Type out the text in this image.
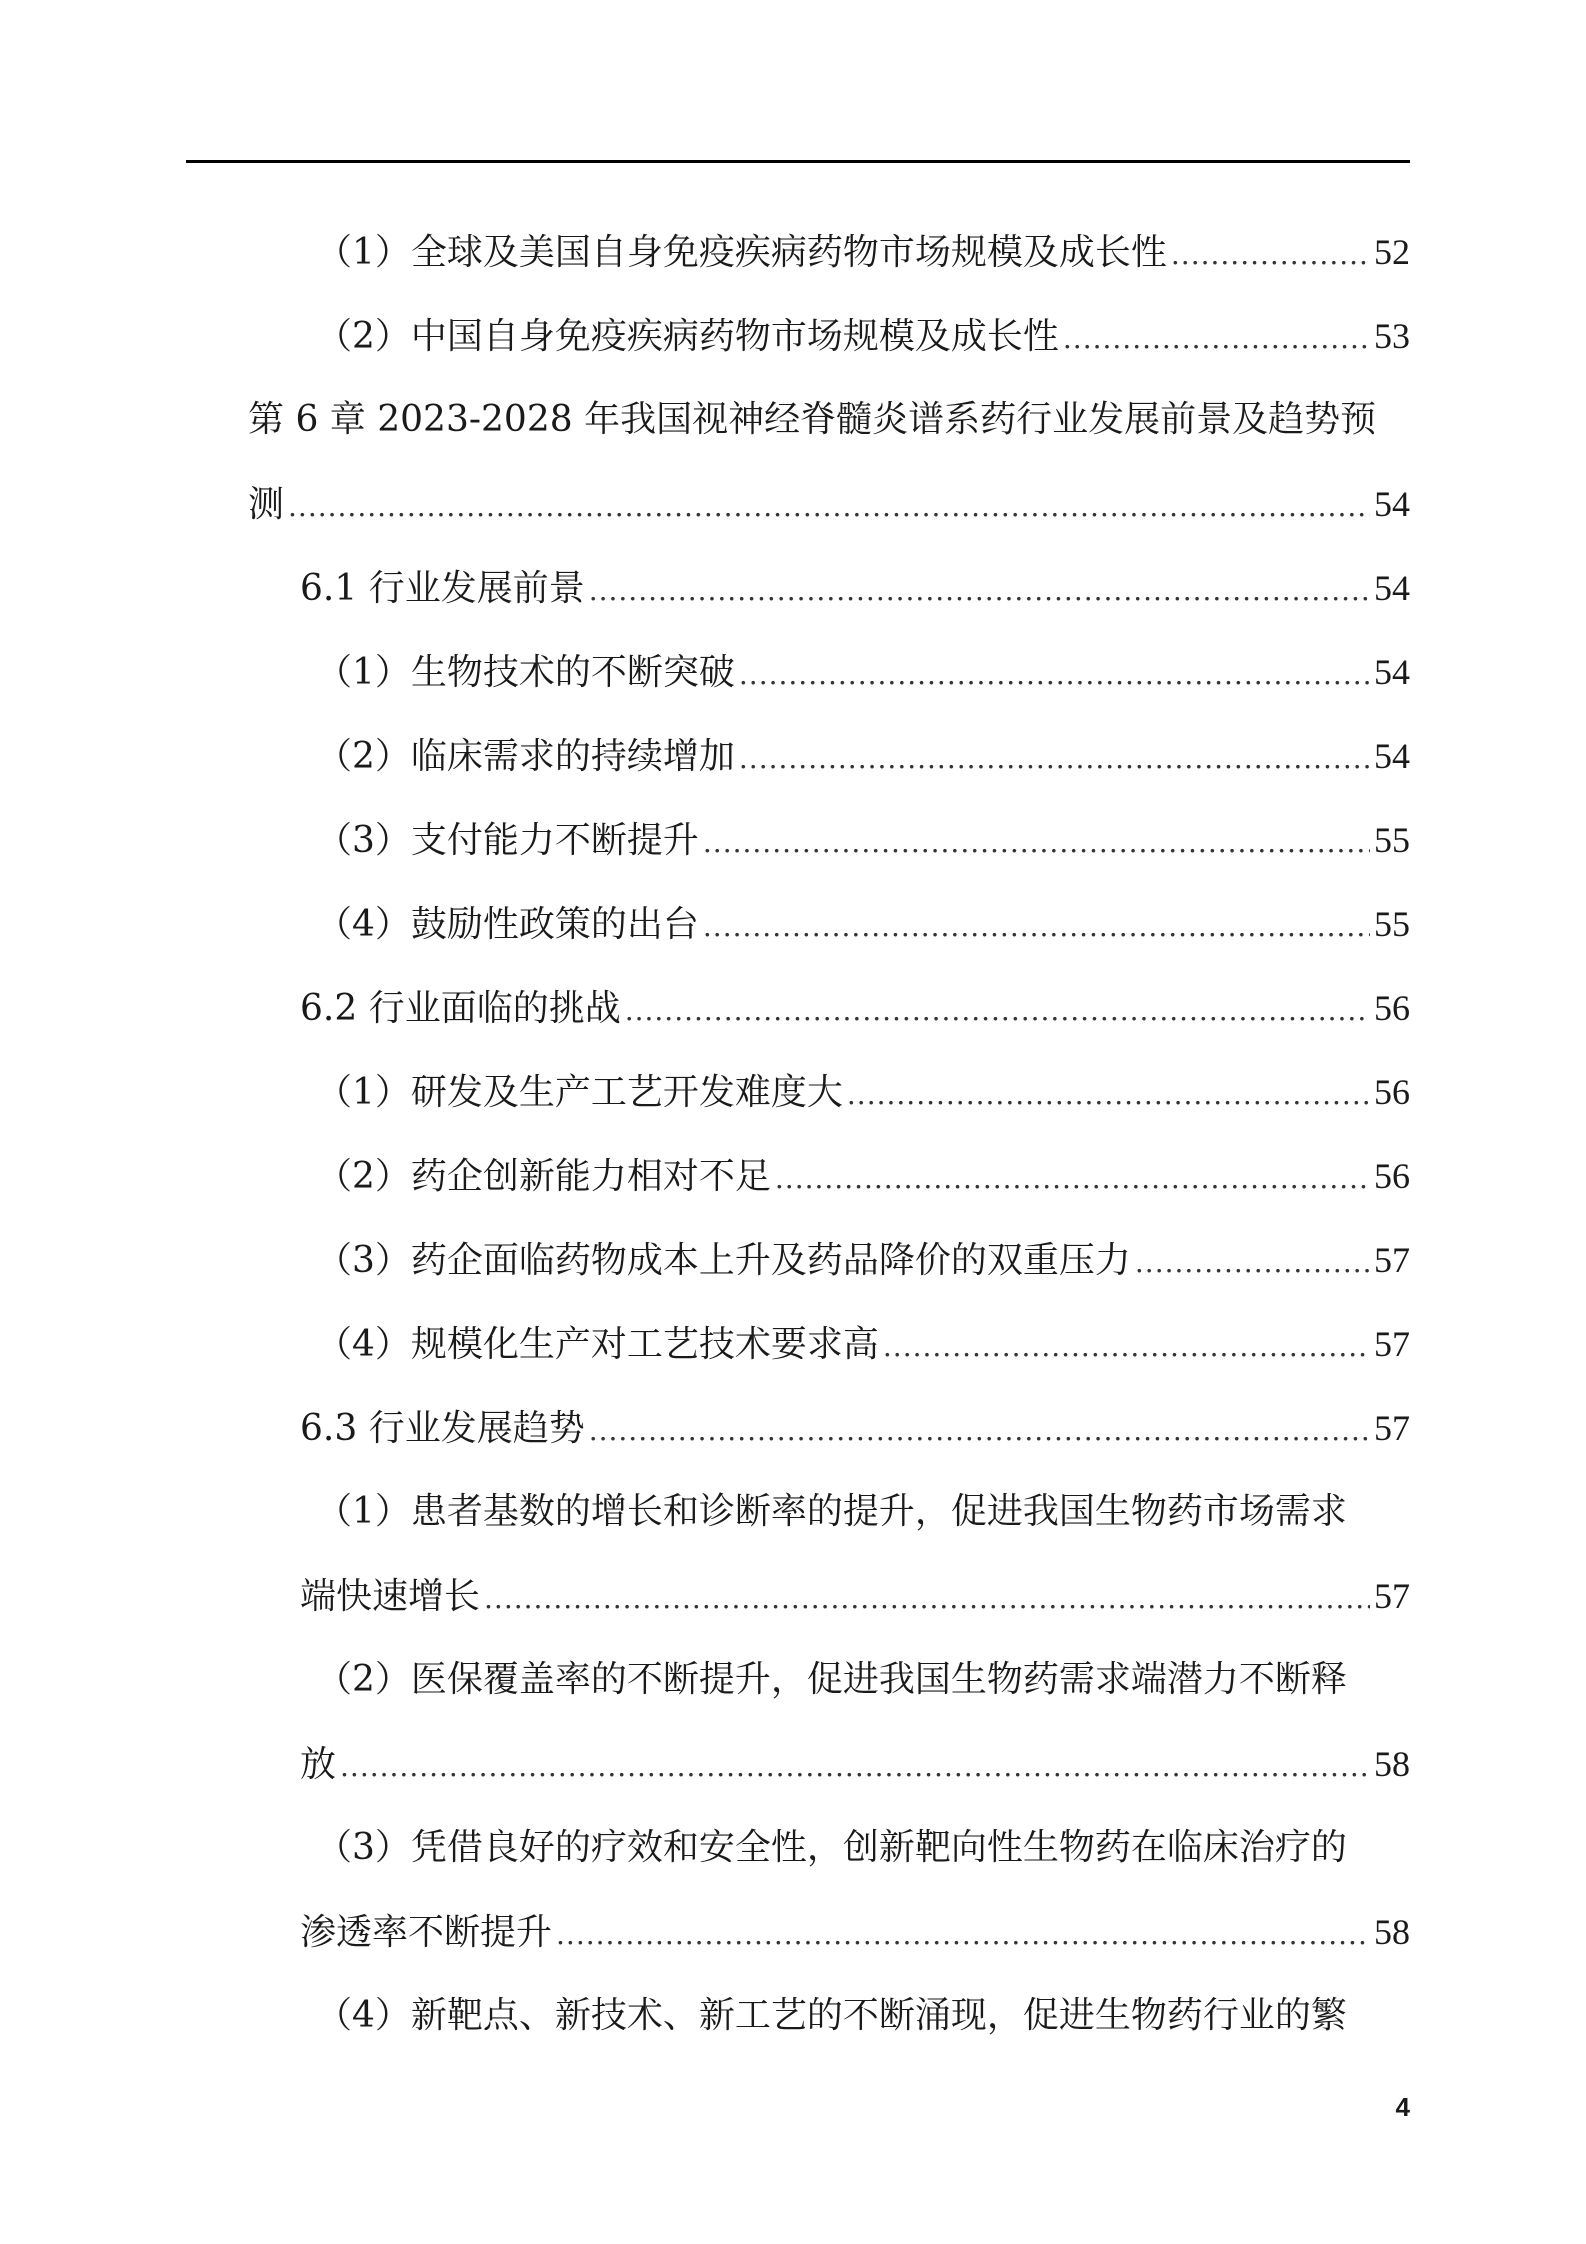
（1）全球及美国自身免疫疾病药物市场规模及成长性 .....	52
（2）中国自身免疫疾病药物市场规模及成长性 .....	53
第 6 章 2023-2028 年我国视神经脊髓炎谱系药行业发展前景及趋势预
测 .....	54
6.1 行业发展前景 .....	54
（1）生物技术的不断突破 .....	54
（2）临床需求的持续增加 .....	54
（3）支付能力不断提升 .....	55
（4）鼓励性政策的出台 .....	55
6.2 行业面临的挑战 .....	56
（1）研发及生产工艺开发难度大 .....	56
（2）药企创新能力相对不足 .....	56
（3）药企面临药物成本上升及药品降价的双重压力 .....	57
（4）规模化生产对工艺技术要求高 .....	57
6.3 行业发展趋势 .....	57
（1）患者基数的增长和诊断率的提升，促进我国生物药市场需求
端快速增长 .....	57
（2）医保覆盖率的不断提升，促进我国生物药需求端潜力不断释
放 .....	58
（3）凭借良好的疗效和安全性，创新靶向性生物药在临床治疗的
渗透率不断提升 .....	58
（4）新靶点、新技术、新工艺的不断涌现，促进生物药行业的繁
4
